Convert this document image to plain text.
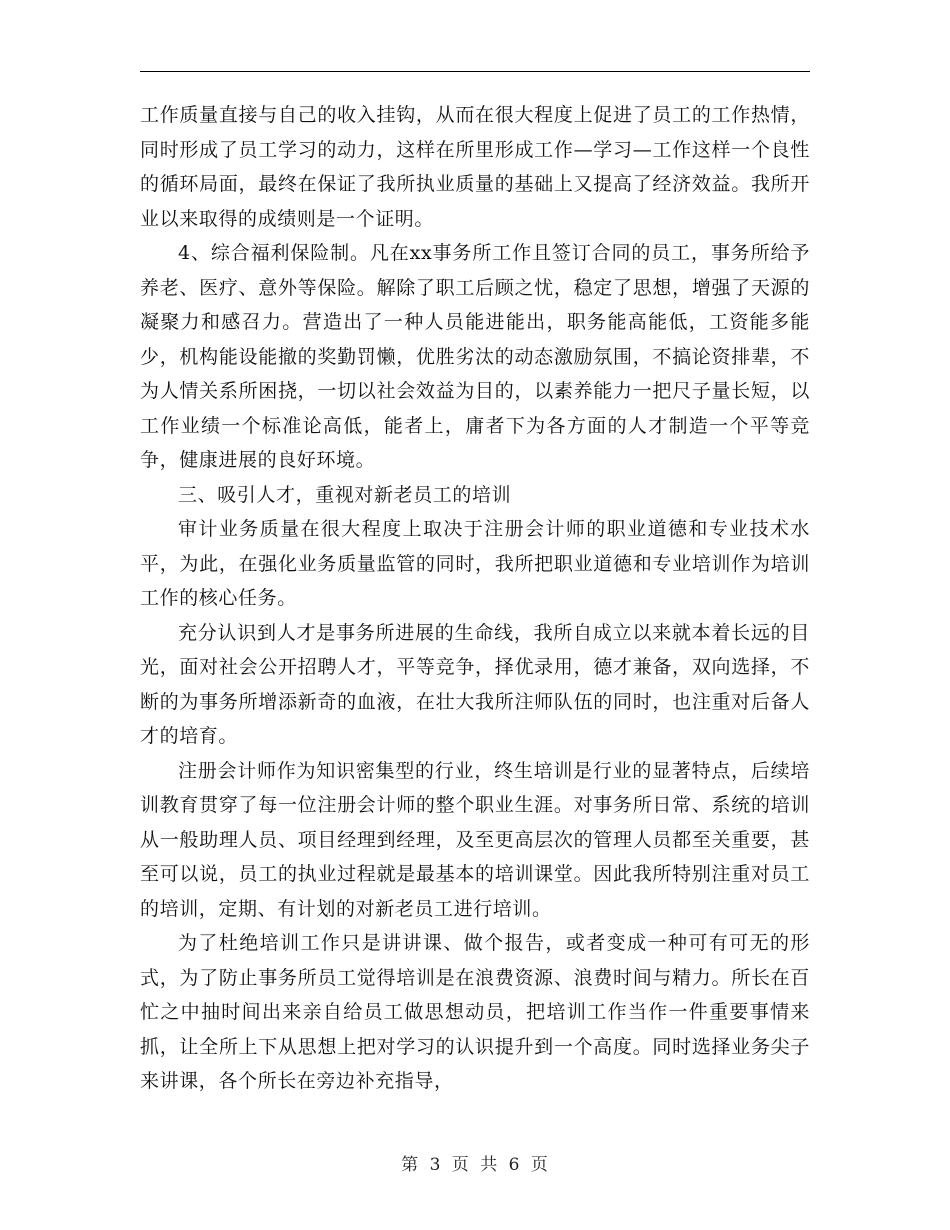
工作质量直接与自己的收入挂钩，从而在很大程度上促进了员工的工作热情，同时形成了员工学习的动力，这样在所里形成工作—学习—工作这样一个良性的循环局面，最终在保证了我所执业质量的基础上又提高了经济效益。我所开业以来取得的成绩则是一个证明。

4、综合福利保险制。凡在xx事务所工作且签订合同的员工，事务所给予养老、医疗、意外等保险。解除了职工后顾之忧，稳定了思想，增强了天源的凝聚力和感召力。营造出了一种人员能进能出，职务能高能低，工资能多能少，机构能设能撤的奖勤罚懒，优胜劣汰的动态激励氛围，不搞论资排辈，不为人情关系所困挠，一切以社会效益为目的，以素养能力一把尺子量长短，以工作业绩一个标准论高低，能者上，庸者下为各方面的人才制造一个平等竞争，健康进展的良好环境。

三、吸引人才，重视对新老员工的培训

审计业务质量在很大程度上取决于注册会计师的职业道德和专业技术水平，为此，在强化业务质量监管的同时，我所把职业道德和专业培训作为培训工作的核心任务。

充分认识到人才是事务所进展的生命线，我所自成立以来就本着长远的目光，面对社会公开招聘人才，平等竞争，择优录用，德才兼备，双向选择，不断的为事务所增添新奇的血液，在壮大我所注师队伍的同时，也注重对后备人才的培育。

注册会计师作为知识密集型的行业，终生培训是行业的显著特点，后续培训教育贯穿了每一位注册会计师的整个职业生涯。对事务所日常、系统的培训从一般助理人员、项目经理到经理，及至更高层次的管理人员都至关重要，甚至可以说，员工的执业过程就是最基本的培训课堂。因此我所特别注重对员工的培训，定期、有计划的对新老员工进行培训。

为了杜绝培训工作只是讲讲课、做个报告，或者变成一种可有可无的形式，为了防止事务所员工觉得培训是在浪费资源、浪费时间与精力。所长在百忙之中抽时间出来亲自给员工做思想动员，把培训工作当作一件重要事情来抓，让全所上下从思想上把对学习的认识提升到一个高度。同时选择业务尖子来讲课，各个所长在旁边补充指导，

第 3 页 共 6 页
